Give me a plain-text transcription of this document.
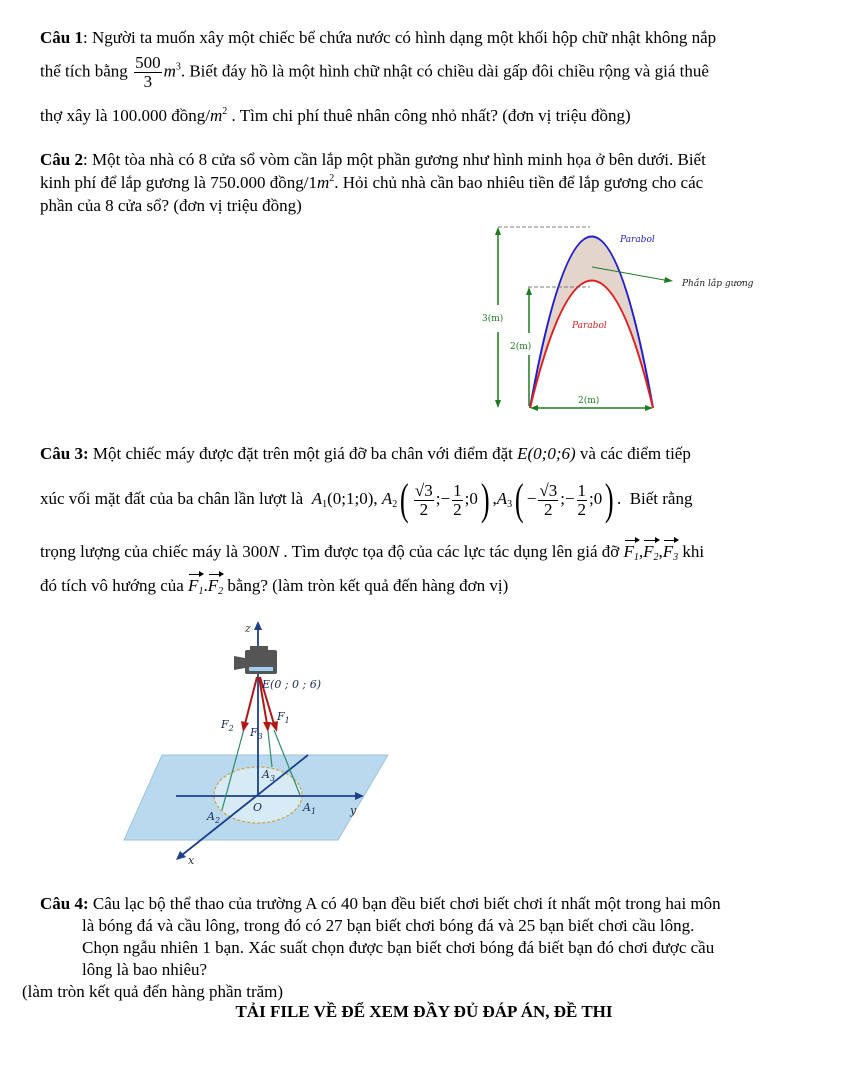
Câu 1: Người ta muốn xây một chiếc bể chứa nước có hình dạng một khối hộp chữ nhật không nắp
thể tích bằng $\frac{500}{3} m^3$. Biết đáy hồ là một hình chữ nhật có chiều dài gấp đôi chiều rộng và giá thuê
thợ xây là 100.000 đồng/$m^2$ . Tìm chi phí thuê nhân công nhỏ nhất? (đơn vị triệu đồng)
Câu 2: Một tòa nhà có 8 cửa sổ vòm cần lắp một phần gương như hình minh họa ở bên dưới. Biết
kinh phí để lắp gương là 750.000 đồng/$1m^2$. Hỏi chủ nhà cần bao nhiêu tiền để lắp gương cho các
phần của 8 cửa sổ? (đơn vị triệu đồng)
3(m)
2(m)
2(m)
Parabol
Parabol
Phần lắp gương
Câu 3: Một chiếc máy được đặt trên một giá đỡ ba chân với điểm đặt E(0;0;6) và các điểm tiếp
xúc vối mặt đất của ba chân lần lượt là $A_1(0;1;0)$, $A_2( \frac{√3}{2}$ ;− $\frac{1}{2}$ ;0) $,A_3( - \frac{√3}{2}$ ;− $\frac{1}{2}$ ;0) .  Biết rằng
trọng lượng của chiếc máy là 300N . Tìm được tọa độ của các lực tác dụng lên giá đỡ $F_1,F_2,F_3$ khi
đó tích vô hướng của $F_1.F_2$ bằng? (làm tròn kết quả đến hàng đơn vị)
z
y
x
E(0 ; 0 ; 6)
O
$F_2$ $F_3$
$F_1$
$A_1$
$A_2$
$A_3$
Câu 4: Câu lạc bộ thể thao của trường A có 40 bạn đều biết chơi biết chơi ít nhất một trong hai môn
là bóng đá và cầu lông, trong đó có 27 bạn biết chơi bóng đá và 25 bạn biết chơi cầu lông.
Chọn ngẫu nhiên 1 bạn. Xác suất chọn được bạn biết chơi bóng đá biết bạn đó chơi được cầu
lông là bao nhiêu?
(làm tròn kết quả đến hàng phần trăm)
TẢI FILE VỀ ĐỂ XEM ĐẦY ĐỦ ĐÁP ÁN, ĐỀ THI
